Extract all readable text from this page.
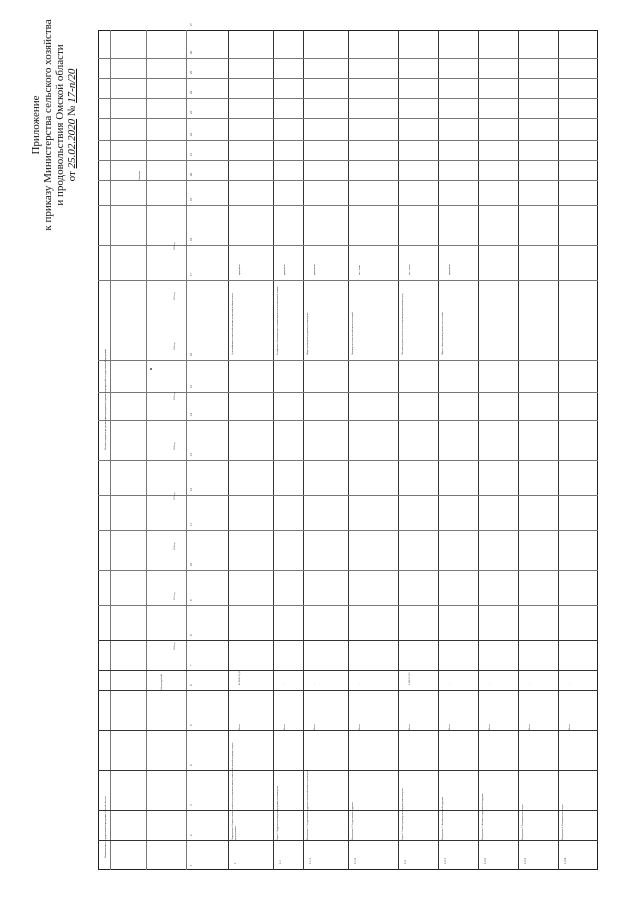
Приложение к приказу Министерства сельского хозяйства и продовольствия Омской области от 25.02.2020 № 17-п/20
Наименование государственной программы Омской области
Объем (рублей)
Целевые индикаторы реализации мероприятия (группы мероприятий) государственной программы
Значение
1
Подпрограмма «Развитие сельского хозяйства и регулирование рынков сельскохозяйственной продукции, сырья и продовольствия»
Всего
42 984 133,19
Доля прибыльных сельскохозяйственных организаций в общем их числе
процентов
1.1
Задача 1. Поддержка производства продукции растениеводства
Всего
-
Коэффициент обновления парка основных видов сельскохозяйственной техники
процентов
1.1.1
Мероприятие 1. Государственная поддержка сельскохозяйственного производства
Всего
-
Индекс производства продукции растениеводства
процентов
1.1.2
Мероприятие 2. Государственная поддержка
Всего
-
Производство молока в хозяйствах всех категорий
тыс. тонн
1.2
Задача 2. Развитие производства продукции животноводства
Всего
1 284 375,95
Поголовье крупного рогатого скота специализированных мясных пород
тыс. голов
1.2.1
Мероприятие 1. Оказание несвязанной поддержки
Всего
-
Прирост объема производства мяса скота и птицы
процентов
1.2.2
Мероприятие 2. Оказание государственной поддержки
Всего
-
1.2.3
Мероприятие 3. Возмещение части затрат
Всего
-
1.2.4
Мероприятие 4. Возмещение части затрат
Всего
-
1
2
3
4
5
6
7
8
9
10
11
12
13
14
15
16
17
18
19
20
21
22
23
24
25
26
27
2014 год
2015 год
2016 год
2017 год
2018 год
2019 год
2020 год
2021 год
2022 год
